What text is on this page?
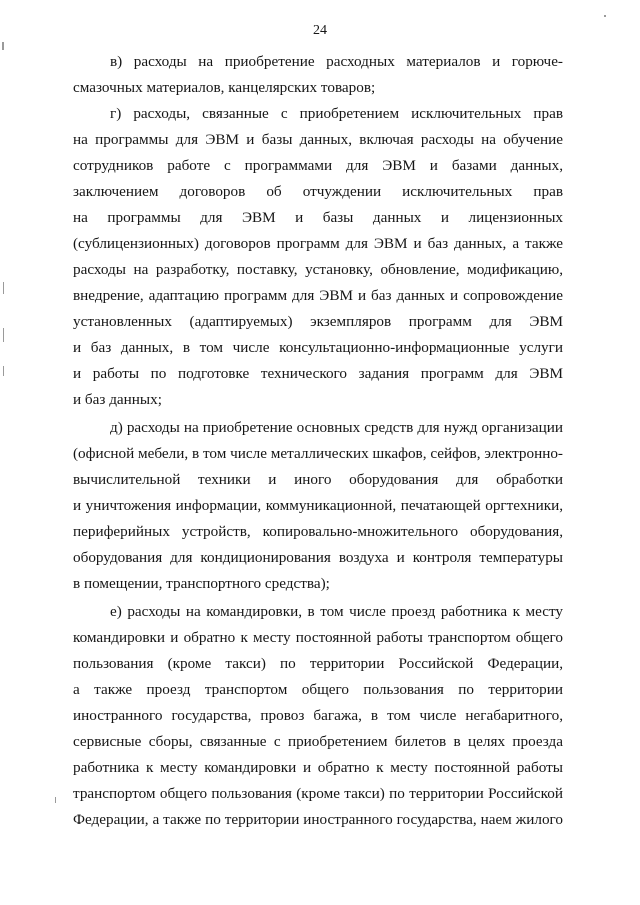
24
в) расходы на приобретение расходных материалов и горюче-
смазочных материалов, канцелярских товаров;
г) расходы, связанные с приобретением исключительных прав
на программы для ЭВМ и базы данных, включая расходы на обучение
сотрудников работе с программами для ЭВМ и базами данных,
заключением договоров об отчуждении исключительных прав
на программы для ЭВМ и базы данных и лицензионных
(сублицензионных) договоров программ для ЭВМ и баз данных, а также
расходы на разработку, поставку, установку, обновление, модификацию,
внедрение, адаптацию программ для ЭВМ и баз данных и сопровождение
установленных (адаптируемых) экземпляров программ для ЭВМ
и баз данных, в том числе консультационно-информационные услуги
и работы по подготовке технического задания программ для ЭВМ
и баз данных;
д) расходы на приобретение основных средств для нужд организации
(офисной мебели, в том числе металлических шкафов, сейфов, электронно-
вычислительной техники и иного оборудования для обработки
и уничтожения информации, коммуникационной, печатающей оргтехники,
периферийных устройств, копировально-множительного оборудования,
оборудования для кондиционирования воздуха и контроля температуры
в помещении, транспортного средства);
е) расходы на командировки, в том числе проезд работника к месту
командировки и обратно к месту постоянной работы транспортом общего
пользования (кроме такси) по территории Российской Федерации,
а также проезд транспортом общего пользования по территории
иностранного государства, провоз багажа, в том числе негабаритного,
сервисные сборы, связанные с приобретением билетов в целях проезда
работника к месту командировки и обратно к месту постоянной работы
транспортом общего пользования (кроме такси) по территории Российской
Федерации, а также по территории иностранного государства, наем жилого
